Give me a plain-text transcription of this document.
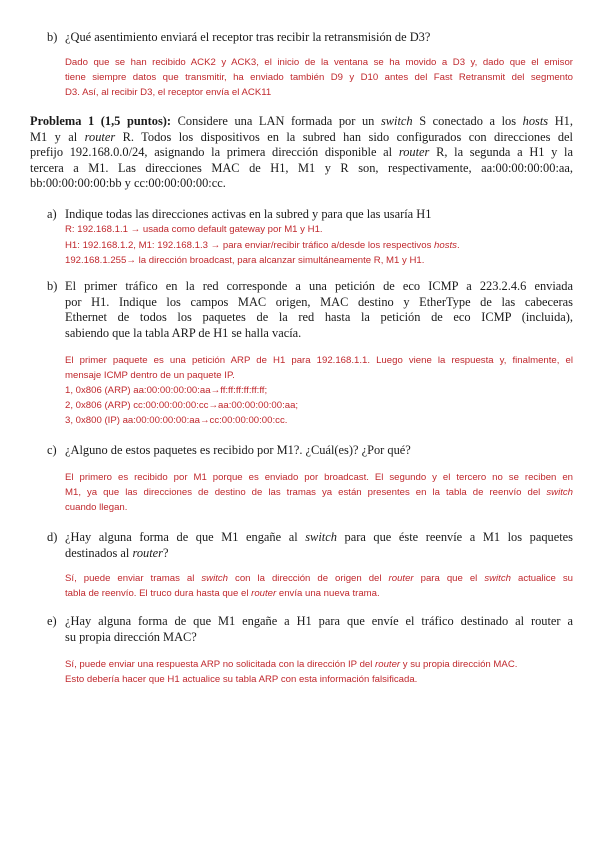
b) ¿Qué asentimiento enviará el receptor tras recibir la retransmisión de D3?
Dado que se han recibido ACK2 y ACK3, el inicio de la ventana se ha movido a D3 y, dado que el emisor
tiene siempre datos que transmitir, ha enviado también D9 y D10 antes del Fast Retransmit del segmento
D3. Así, al recibir D3, el receptor envía el ACK11
Problema 1 (1,5 puntos): Considere una LAN formada por un switch S conectado a los hosts H1,
M1 y al router R. Todos los dispositivos en la subred han sido configurados con direcciones del
prefijo 192.168.0.0/24, asignando la primera dirección disponible al router R, la segunda a H1 y la
tercera a M1. Las direcciones MAC de H1, M1 y R son, respectivamente, aa:00:00:00:00:aa,
bb:00:00:00:00:bb y cc:00:00:00:00:cc.
a) Indique todas las direcciones activas en la subred y para que las usaría H1
R: 192.168.1.1 → usada como default gateway por M1 y H1.
H1: 192.168.1.2, M1: 192.168.1.3 → para enviar/recibir tráfico a/desde los respectivos hosts.
192.168.1.255→ la dirección broadcast, para alcanzar simultáneamente R, M1 y H1.
b) El primer tráfico en la red corresponde a una petición de eco ICMP a 223.2.4.6 enviada
por H1. Indique los campos MAC origen, MAC destino y EtherType de las cabeceras
Ethernet de todos los paquetes de la red hasta la petición de eco ICMP (incluida),
sabiendo que la tabla ARP de H1 se halla vacía.
El primer paquete es una petición ARP de H1 para 192.168.1.1. Luego viene la respuesta y, finalmente, el
mensaje ICMP dentro de un paquete IP.
1, 0x806 (ARP) aa:00:00:00:00:aa→ff:ff:ff:ff:ff:ff;
2, 0x806 (ARP) cc:00:00:00:00:cc→aa:00:00:00:00:aa;
3, 0x800 (IP) aa:00:00:00:00:aa→cc:00:00:00:00:cc.
c) ¿Alguno de estos paquetes es recibido por M1?. ¿Cuál(es)? ¿Por qué?
El primero es recibido por M1 porque es enviado por broadcast. El segundo y el tercero no se reciben en
M1, ya que las direcciones de destino de las tramas ya están presentes en la tabla de reenvío del switch
cuando llegan.
d) ¿Hay alguna forma de que M1 engañe al switch para que éste reenvíe a M1 los paquetes
destinados al router?
Sí, puede enviar tramas al switch con la dirección de origen del router para que el switch actualice su
tabla de reenvío. El truco dura hasta que el router envía una nueva trama.
e) ¿Hay alguna forma de que M1 engañe a H1 para que envíe el tráfico destinado al router a
su propia dirección MAC?
Sí, puede enviar una respuesta ARP no solicitada con la dirección IP del router y su propia dirección MAC.
Esto debería hacer que H1 actualice su tabla ARP con esta información falsificada.
